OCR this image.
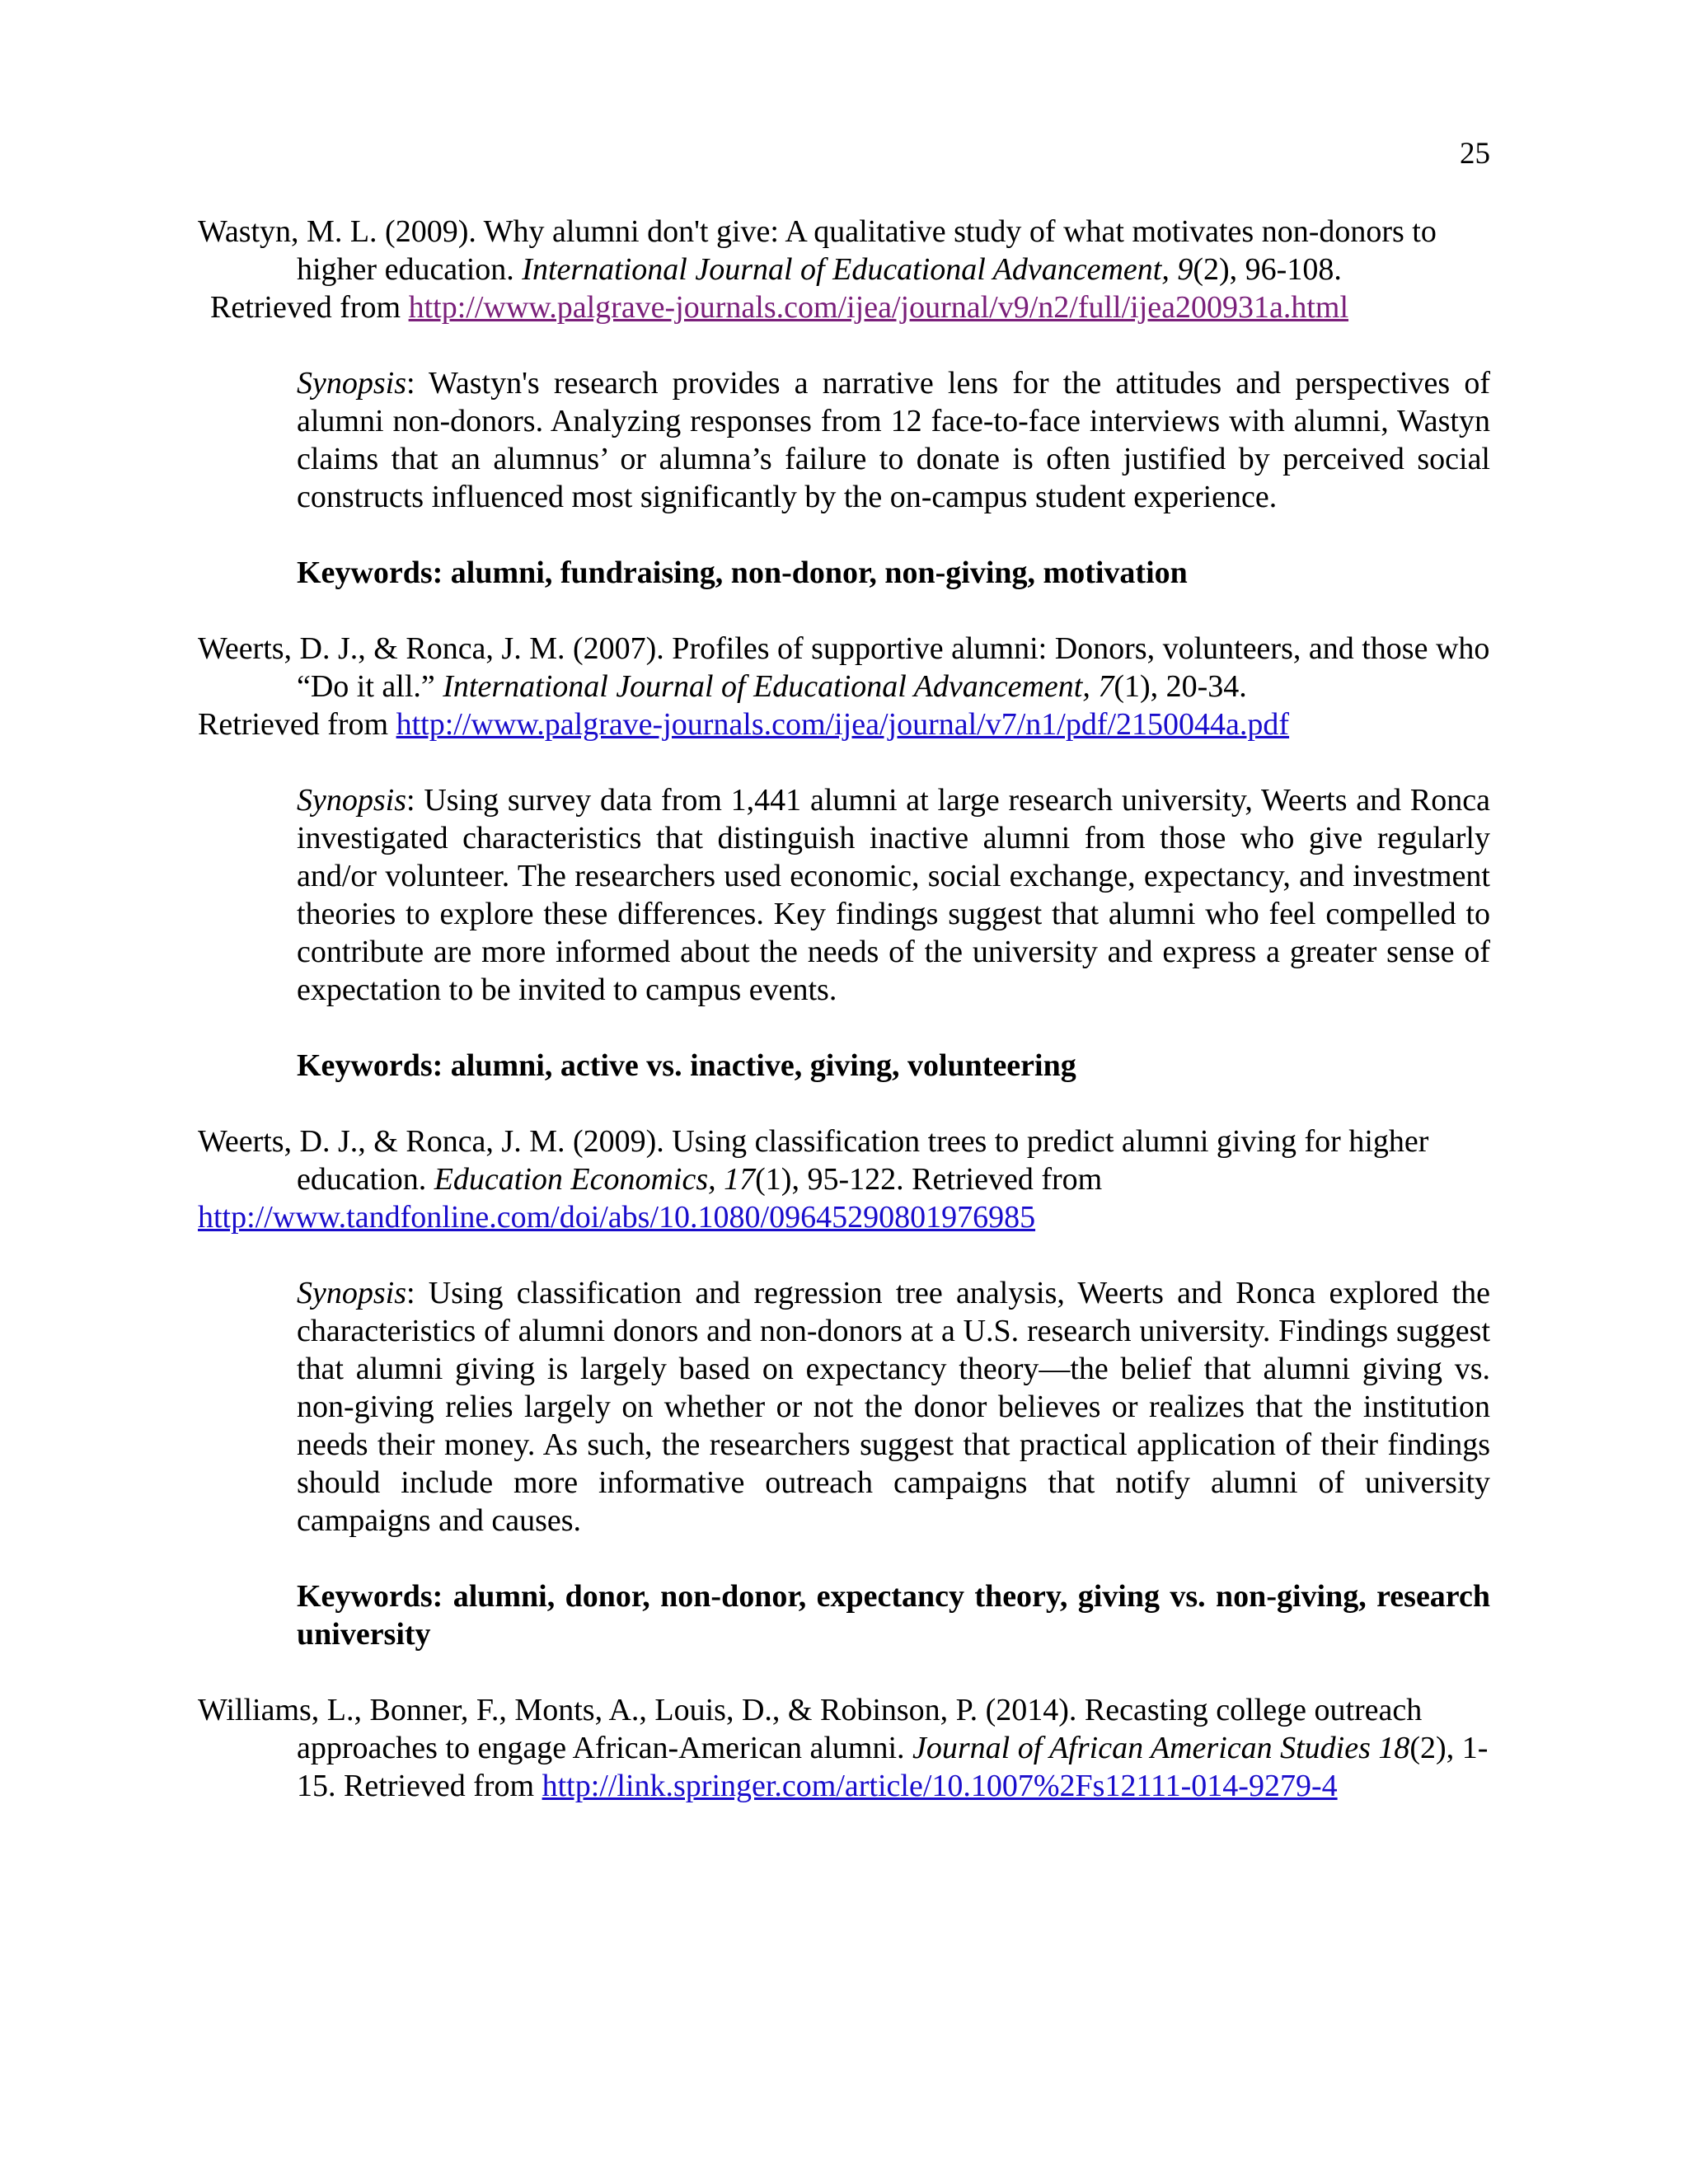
25
Wastyn, M. L. (2009). Why alumni don't give: A qualitative study of what motivates non-donors to higher education. International Journal of Educational Advancement, 9(2), 96-108.
Retrieved from http://www.palgrave-journals.com/ijea/journal/v9/n2/full/ijea200931a.html
Synopsis: Wastyn's research provides a narrative lens for the attitudes and perspectives of alumni non-donors. Analyzing responses from 12 face-to-face interviews with alumni, Wastyn claims that an alumnus’ or alumna’s failure to donate is often justified by perceived social constructs influenced most significantly by the on-campus student experience.
Keywords: alumni, fundraising, non-donor, non-giving, motivation
Weerts, D. J., & Ronca, J. M. (2007). Profiles of supportive alumni: Donors, volunteers, and those who “Do it all.” International Journal of Educational Advancement, 7(1), 20-34.
Retrieved from http://www.palgrave-journals.com/ijea/journal/v7/n1/pdf/2150044a.pdf
Synopsis: Using survey data from 1,441 alumni at large research university, Weerts and Ronca investigated characteristics that distinguish inactive alumni from those who give regularly and/or volunteer. The researchers used economic, social exchange, expectancy, and investment theories to explore these differences. Key findings suggest that alumni who feel compelled to contribute are more informed about the needs of the university and express a greater sense of expectation to be invited to campus events.
Keywords: alumni, active vs. inactive, giving, volunteering
Weerts, D. J., & Ronca, J. M. (2009). Using classification trees to predict alumni giving for higher education. Education Economics, 17(1), 95-122. Retrieved from
http://www.tandfonline.com/doi/abs/10.1080/09645290801976985
Synopsis: Using classification and regression tree analysis, Weerts and Ronca explored the characteristics of alumni donors and non-donors at a U.S. research university. Findings suggest that alumni giving is largely based on expectancy theory—the belief that alumni giving vs. non-giving relies largely on whether or not the donor believes or realizes that the institution needs their money. As such, the researchers suggest that practical application of their findings should include more informative outreach campaigns that notify alumni of university campaigns and causes.
Keywords: alumni, donor, non-donor, expectancy theory, giving vs. non-giving, research university
Williams, L., Bonner, F., Monts, A., Louis, D., & Robinson, P. (2014). Recasting college outreach approaches to engage African-American alumni. Journal of African American Studies 18(2), 1-15. Retrieved from http://link.springer.com/article/10.1007%2Fs12111-014-9279-4
